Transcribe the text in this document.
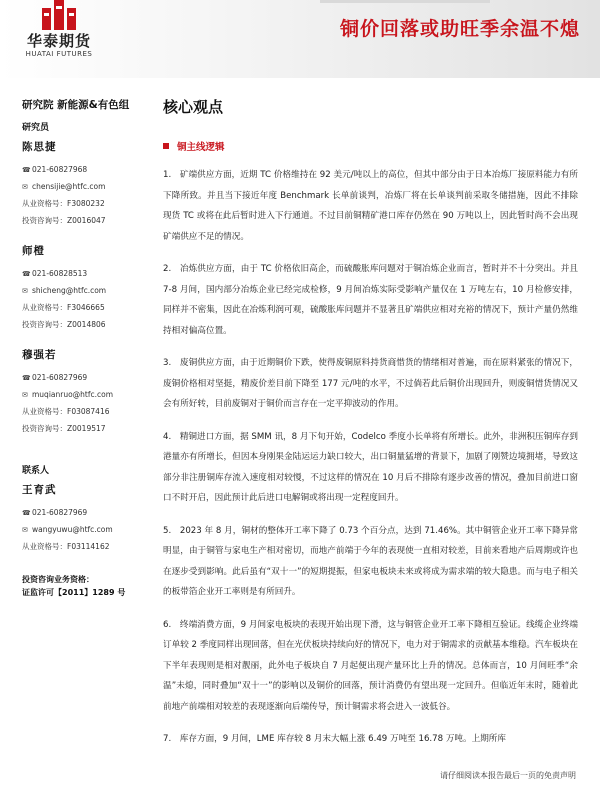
华泰期货
HUATAI FUTURES
铜价回落或助旺季余温不熄
研究院 新能源&有色组
研究员
陈思捷
☎021-60827968
✉ chensijie@htfc.com
从业资格号：F3080232
投资咨询号：Z0016047
师橙
☎021-60828513
✉ shicheng@htfc.com
从业资格号：F3046665
投资咨询号：Z0014806
穆强若
☎021-60827969
✉ muqianruo@htfc.com
从业资格号：F03087416
投资咨询号：Z0019517
联系人
王育武
☎021-60827969
✉ wangyuwu@htfc.com
从业资格号：F03114162
投资咨询业务资格：
证监许可【2011】1289 号
核心观点
铜主线逻辑

1.　矿端供应方面，近期 TC 价格维持在 92 美元/吨以上的高位，但其中部分由于日本冶炼厂接原料能力有所下降所致。并且当下接近年度 Benchmark 长单前谈判，冶炼厂将在长单谈判前采取冬储措施，因此不排除现货 TC 或将在此后暂时进入下行通道。不过目前铜精矿港口库存仍然在 90 万吨以上，因此暂时尚不会出现矿端供应不足的情况。

2.　冶炼供应方面，由于 TC 价格依旧高企，而硫酸胀库问题对于铜冶炼企业而言，暂时并不十分突出。并且 7-8 月间，国内部分冶炼企业已经完成检修，9 月间冶炼实际受影响产量仅在 1 万吨左右，10 月检修安排，同样并不密集，因此在冶炼利润可观，硫酸胀库问题并不显著且矿端供应相对充裕的情况下，预计产量仍然维持相对偏高位置。

3.　废铜供应方面，由于近期铜价下跌，使得废铜原料持货商惜货的情绪相对普遍，而在原料紧张的情况下，废铜价格相对坚挺，精废价差目前下降至 177 元/吨的水平，不过倘若此后铜价出现回升，则废铜惜货情况又会有所好转，目前废铜对于铜价而言存在一定平抑波动的作用。

4.　精铜进口方面，据 SMM 讯，8 月下旬开始，Codelco 季度小长单将有所增长。此外，非洲积压铜库存到港量亦有所增长，但因本身刚果金陆运运力缺口较大，出口铜量猛增的背景下，加剧了刚赞边境拥堵，导致这部分非注册铜库存流入速度相对较慢，不过这样的情况在 10 月后不排除有逐步改善的情况，叠加目前进口窗口不时开启，因此预计此后进口电解铜或将出现一定程度回升。

5.　2023 年 8 月，铜材的整体开工率下降了 0.73 个百分点，达到 71.46%。其中铜管企业开工率下降异常明显，由于铜管与家电生产相对密切，而地产前端于今年的表现使一直相对较差，目前来看地产后周期或许也在逐步受到影响。此后虽有“双十一”的短期提振，但家电板块未来或将成为需求端的较大隐患。而与电子相关的板带箔企业开工率则是有所回升。

6.　终端消费方面，9 月间家电板块的表现开始出现下滑，这与铜管企业开工率下降相互验证。线缆企业终端订单较 2 季度同样出现回落，但在光伏板块持续向好的情况下，电力对于铜需求的贡献基本维稳。汽车板块在下半年表现则是相对靓丽，此外电子板块自 7 月起便出现产量环比上升的情况。总体而言，10 月间旺季“余温”未熄，同时叠加“双十一”的影响以及铜价的回落，预计消费仍有望出现一定回升。但临近年末时，随着此前地产前端相对较差的表现逐渐向后端传导，预计铜需求将会进入一波低谷。

7.　库存方面，9 月间，LME 库存较 8 月末大幅上涨 6.49 万吨至 16.78 万吨。上期所库

请仔细阅读本报告最后一页的免责声明
